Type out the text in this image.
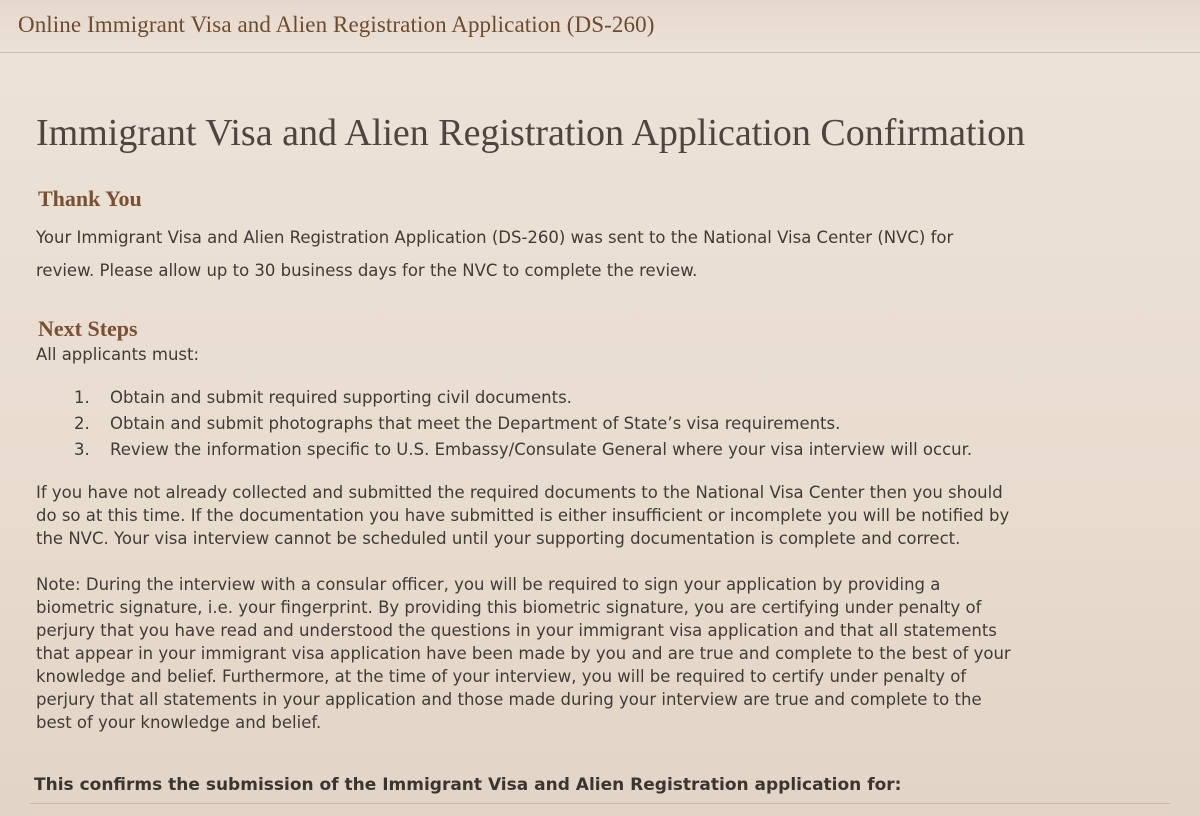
Online Immigrant Visa and Alien Registration Application (DS-260)
Immigrant Visa and Alien Registration Application Confirmation
Thank You
Your Immigrant Visa and Alien Registration Application (DS-260) was sent to the National Visa Center (NVC) for
review. Please allow up to 30 business days for the NVC to complete the review.
Next Steps
All applicants must:
1. Obtain and submit required supporting civil documents.
2. Obtain and submit photographs that meet the Department of State’s visa requirements.
3. Review the information specific to U.S. Embassy/Consulate General where your visa interview will occur.
If you have not already collected and submitted the required documents to the National Visa Center then you should
do so at this time. If the documentation you have submitted is either insufficient or incomplete you will be notified by
the NVC. Your visa interview cannot be scheduled until your supporting documentation is complete and correct.
Note: During the interview with a consular officer, you will be required to sign your application by providing a
biometric signature, i.e. your fingerprint. By providing this biometric signature, you are certifying under penalty of
perjury that you have read and understood the questions in your immigrant visa application and that all statements
that appear in your immigrant visa application have been made by you and are true and complete to the best of your
knowledge and belief. Furthermore, at the time of your interview, you will be required to certify under penalty of
perjury that all statements in your application and those made during your interview are true and complete to the
best of your knowledge and belief.
This confirms the submission of the Immigrant Visa and Alien Registration application for:
